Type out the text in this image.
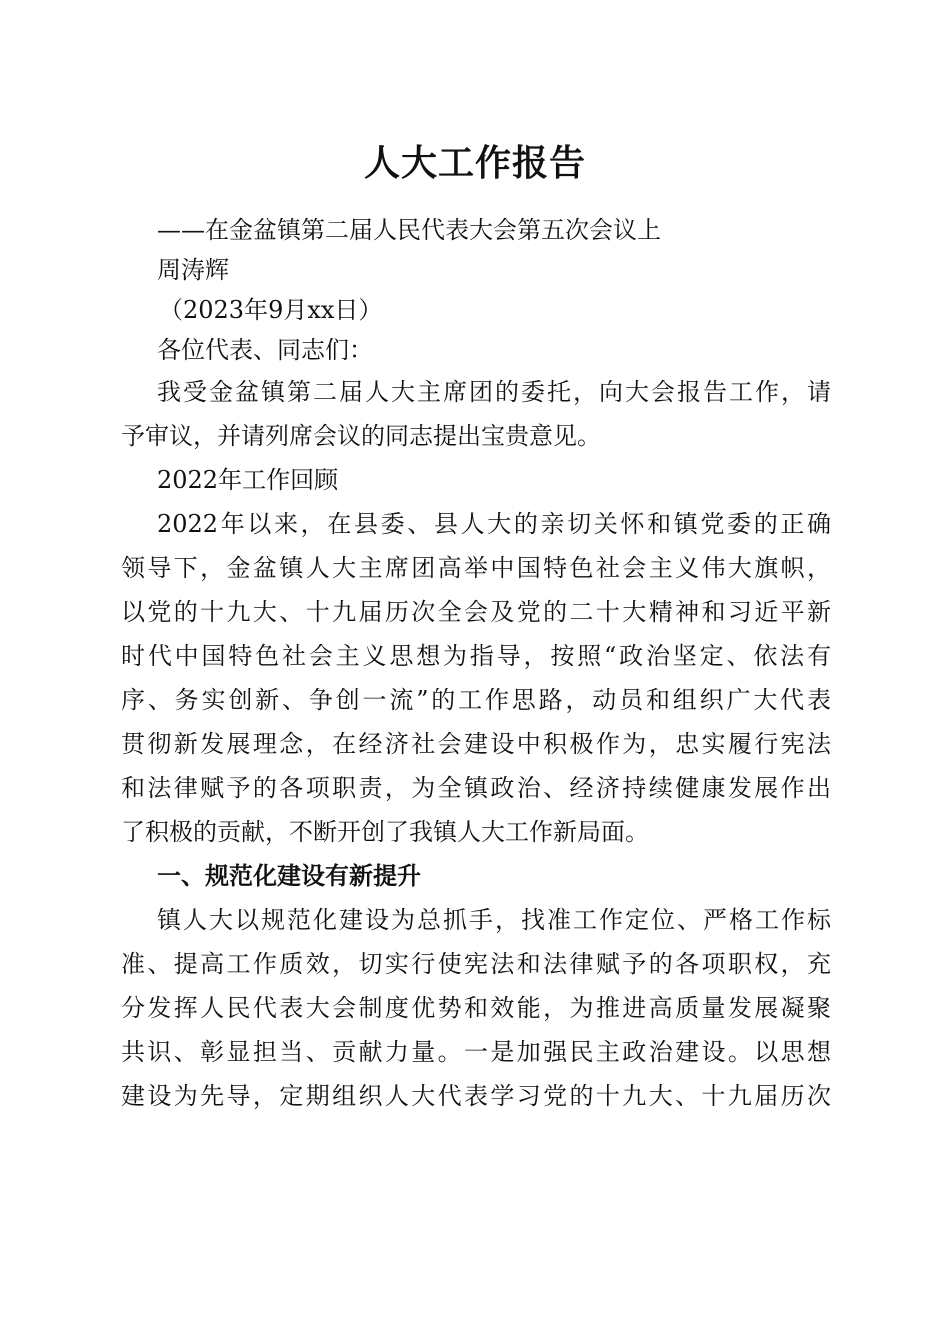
人大工作报告
——在金盆镇第二届人民代表大会第五次会议上
周涛辉
（2023年9月xx日）
各位代表、同志们：
我受金盆镇第二届人大主席团的委托，向大会报告工作，请
予审议，并请列席会议的同志提出宝贵意见。
2022年工作回顾
2022年以来，在县委、县人大的亲切关怀和镇党委的正确
领导下，金盆镇人大主席团高举中国特色社会主义伟大旗帜，
以党的十九大、十九届历次全会及党的二十大精神和习近平新
时代中国特色社会主义思想为指导，按照“政治坚定、依法有
序、务实创新、争创一流”的工作思路，动员和组织广大代表
贯彻新发展理念，在经济社会建设中积极作为，忠实履行宪法
和法律赋予的各项职责，为全镇政治、经济持续健康发展作出
了积极的贡献，不断开创了我镇人大工作新局面。
一、规范化建设有新提升
镇人大以规范化建设为总抓手，找准工作定位、严格工作标
准、提高工作质效，切实行使宪法和法律赋予的各项职权，充
分发挥人民代表大会制度优势和效能，为推进高质量发展凝聚
共识、彰显担当、贡献力量。一是加强民主政治建设。以思想
建设为先导，定期组织人大代表学习党的十九大、十九届历次
